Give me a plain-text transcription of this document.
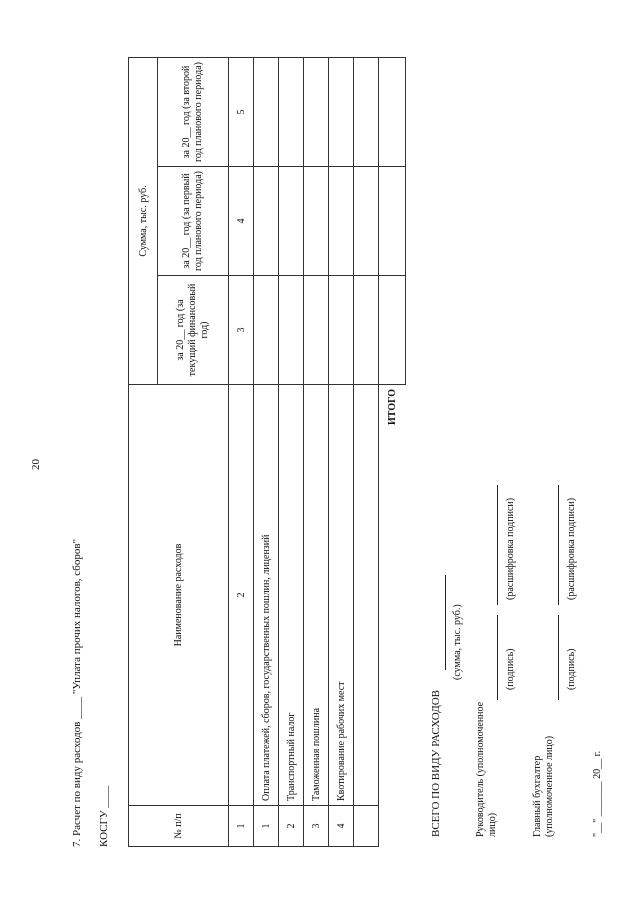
20
7. Расчет по виду расходов ____ "Уплата прочих налогов, сборов" КОСГУ ____	№ п/п	Наименование расходов	Сумма, тыс. руб.		
		за 20__ год (за текущий финансовый год)	за 20__ год (за первый год планового периода)	за 20__ год (за второй год планового периода)
1	2	3	4	5
1	Оплата платежей, сборов, государственных пошлин, лицензий			
2	Транспортный налог			
3	Таможенная пошлина			
4	Квотирование рабочих мест			

	ИТОГО			
ВСЕГО ПО ВИДУ РАСХОДОВ
(сумма, тыс. руб.)
Руководитель (уполномоченное лицо)
(подпись)
(расшифровка подписи)
Главный бухгалтер (уполномоченное лицо)
(подпись)
(расшифровка подписи)
"__" _______ 20__ г.
